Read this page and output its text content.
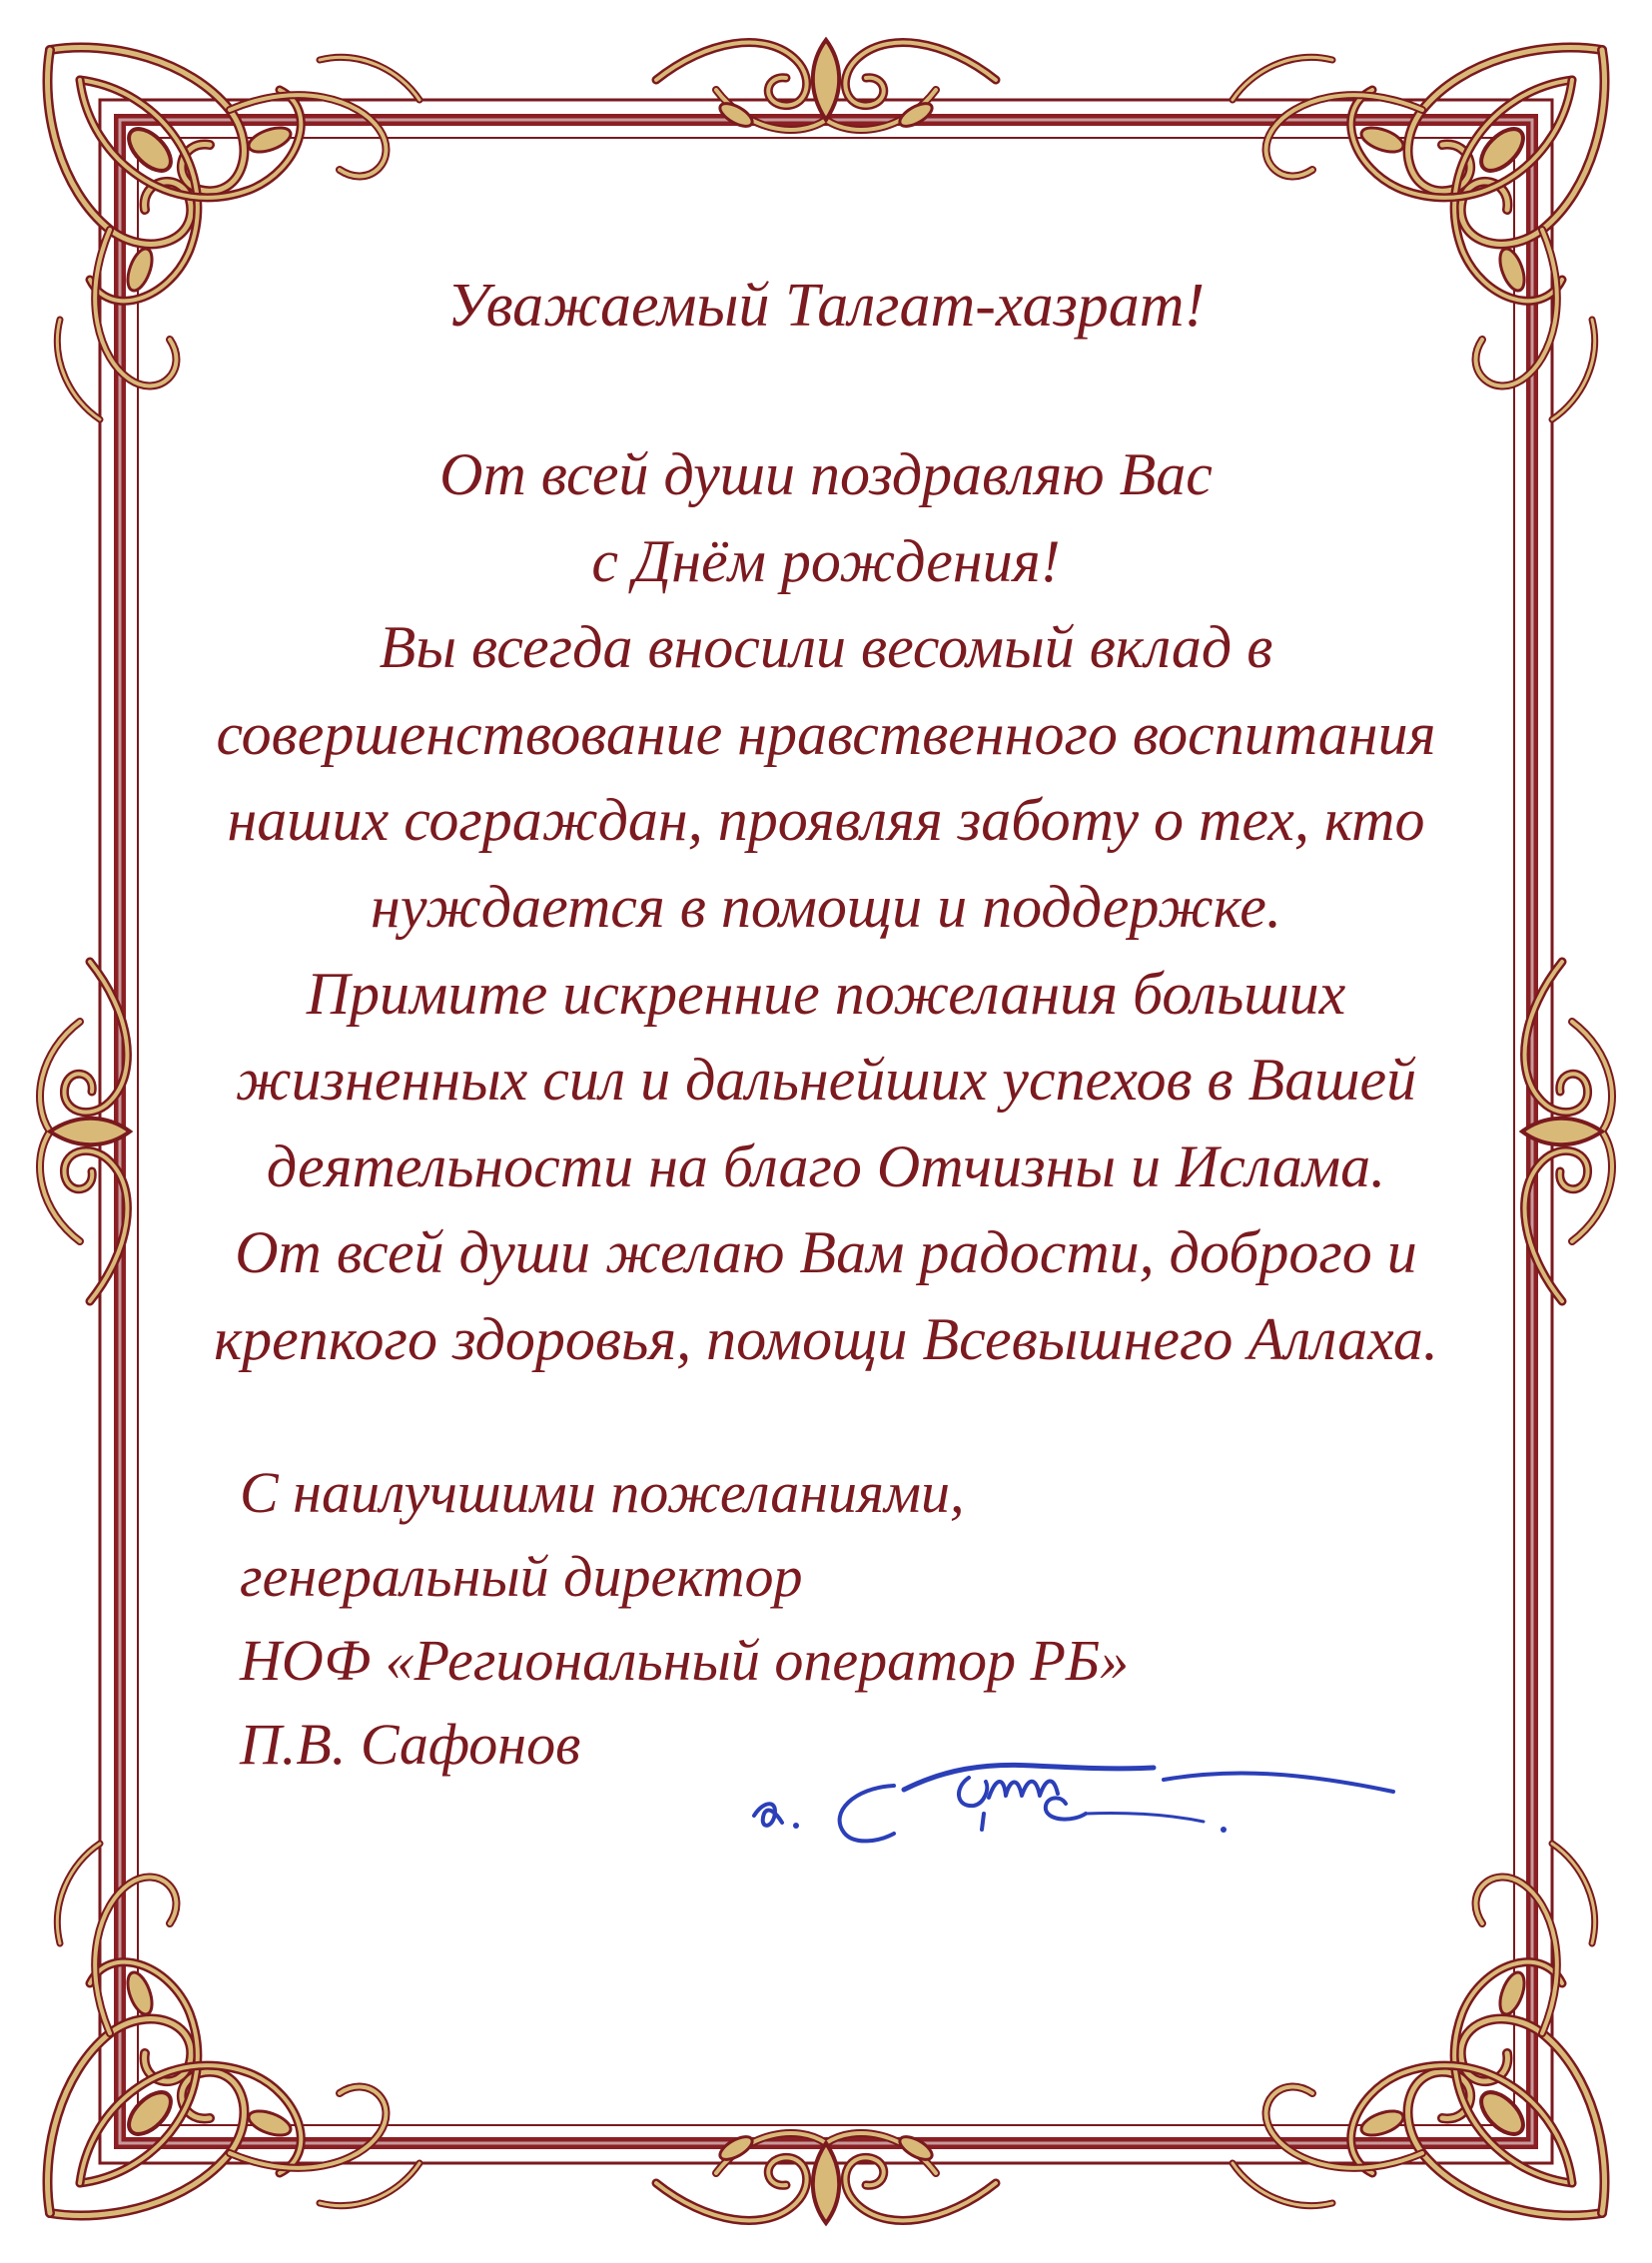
Уважаемый Талгат-хазрат!
От всей души поздравляю Вас
с Днём рождения!
Вы всегда вносили весомый вклад в
совершенствование нравственного воспитания
наших сограждан, проявляя заботу о тех, кто
нуждается в помощи и поддержке.
Примите искренние пожелания больших
жизненных сил и дальнейших успехов в Вашей
деятельности на благо Отчизны и Ислама.
От всей души желаю Вам радости, доброго и
крепкого здоровья, помощи Всевышнего Аллаха.
С наилучшими пожеланиями,
генеральный директор
НОФ «Региональный оператор РБ»
П.В. Сафонов
